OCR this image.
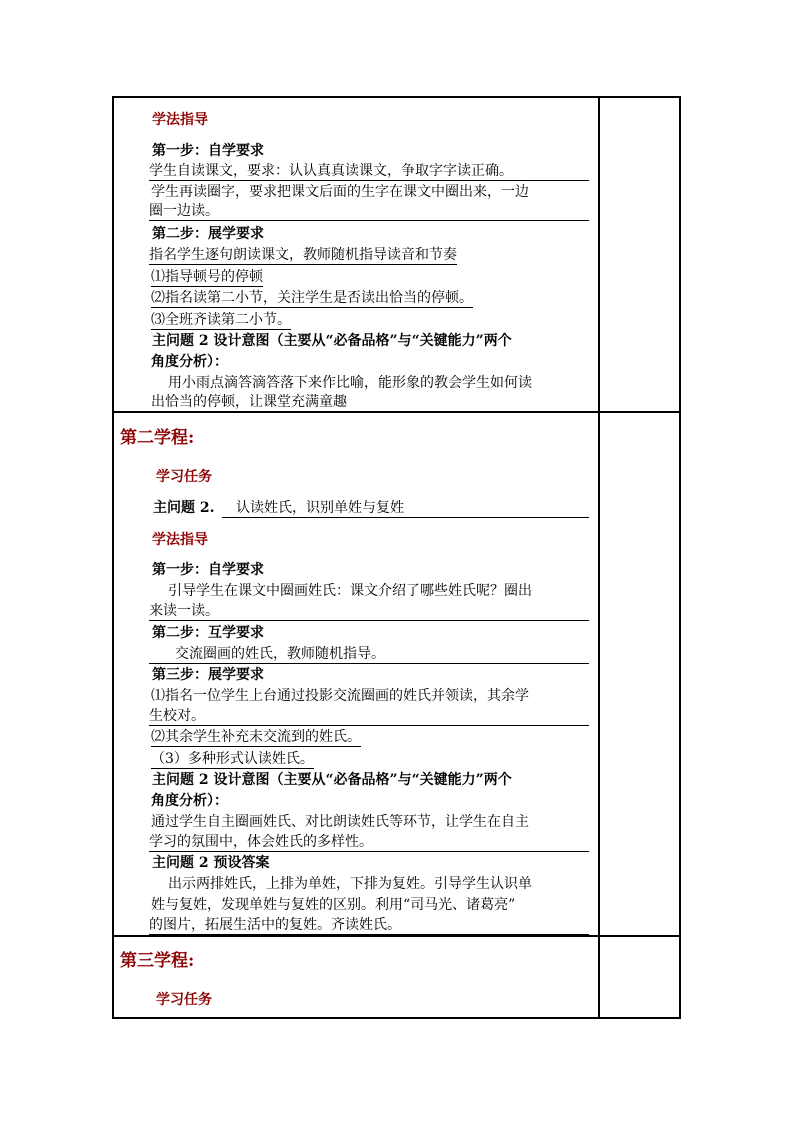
学法指导
第一步：自学要求
学生自读课文，要求：认认真真读课文，争取字字读正确。
学生再读圈字，要求把课文后面的生字在课文中圈出来，一边
圈一边读。
第二步：展学要求
指名学生逐句朗读课文，教师随机指导读音和节奏
⑴指导顿号的停顿
⑵指名读第二小节，关注学生是否读出恰当的停顿。
⑶全班齐读第二小节。
主问题 2 设计意图（主要从“必备品格”与“关键能力”两个
角度分析）：
用小雨点滴答滴答落下来作比喻，能形象的教会学生如何读
出恰当的停顿，让课堂充满童趣
第二学程:
学习任务
主问题 2.	认读姓氏，识别单姓与复姓
学法指导
第一步：自学要求
引导学生在课文中圈画姓氏：课文介绍了哪些姓氏呢？圈出
来读一读。
第二步：互学要求
交流圈画的姓氏，教师随机指导。
第三步：展学要求
⑴指名一位学生上台通过投影交流圈画的姓氏并领读，其余学
生校对。
⑵其余学生补充未交流到的姓氏。
（3）多种形式认读姓氏。
主问题 2 设计意图（主要从“必备品格”与“关键能力”两个
角度分析）：
通过学生自主圈画姓氏、对比朗读姓氏等环节，让学生在自主
学习的氛围中，体会姓氏的多样性。
主问题 2 预设答案
出示两排姓氏，上排为单姓，下排为复姓。引导学生认识单
姓与复姓，发现单姓与复姓的区别。利用“司马光、诸葛亮”
的图片，拓展生活中的复姓。齐读姓氏。
第三学程:
学习任务
